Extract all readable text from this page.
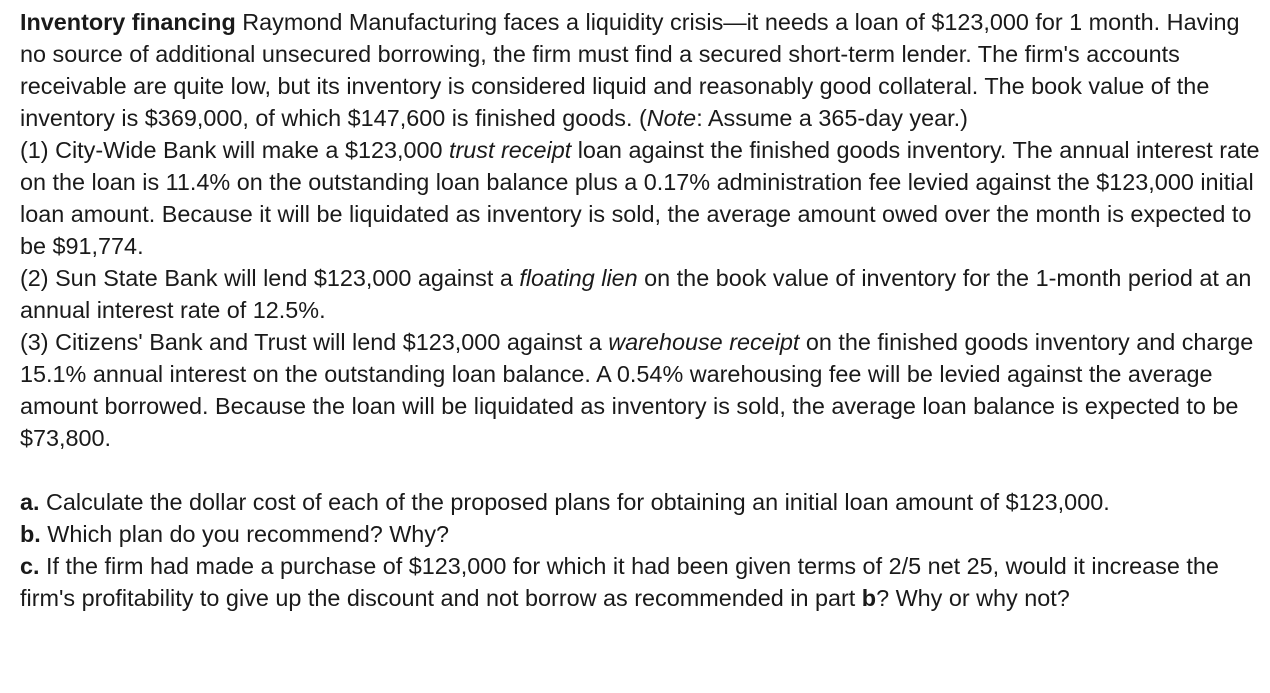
Inventory financing Raymond Manufacturing faces a liquidity crisis—it needs a loan of $123,000 for 1 month. Having no source of additional unsecured borrowing, the firm must find a secured short-term lender. The firm's accounts receivable are quite low, but its inventory is considered liquid and reasonably good collateral. The book value of the inventory is $369,000, of which $147,600 is finished goods. (Note: Assume a 365-day year.)

(1) City-Wide Bank will make a $123,000 trust receipt loan against the finished goods inventory. The annual interest rate on the loan is 11.4% on the outstanding loan balance plus a 0.17% administration fee levied against the $123,000 initial loan amount. Because it will be liquidated as inventory is sold, the average amount owed over the month is expected to be $91,774.

(2) Sun State Bank will lend $123,000 against a floating lien on the book value of inventory for the 1-month period at an annual interest rate of 12.5%.

(3) Citizens' Bank and Trust will lend $123,000 against a warehouse receipt on the finished goods inventory and charge 15.1% annual interest on the outstanding loan balance. A 0.54% warehousing fee will be levied against the average amount borrowed. Because the loan will be liquidated as inventory is sold, the average loan balance is expected to be $73,800.

a. Calculate the dollar cost of each of the proposed plans for obtaining an initial loan amount of $123,000.

b. Which plan do you recommend? Why?

c. If the firm had made a purchase of $123,000 for which it had been given terms of 2/5 net 25, would it increase the firm's profitability to give up the discount and not borrow as recommended in part b? Why or why not?
